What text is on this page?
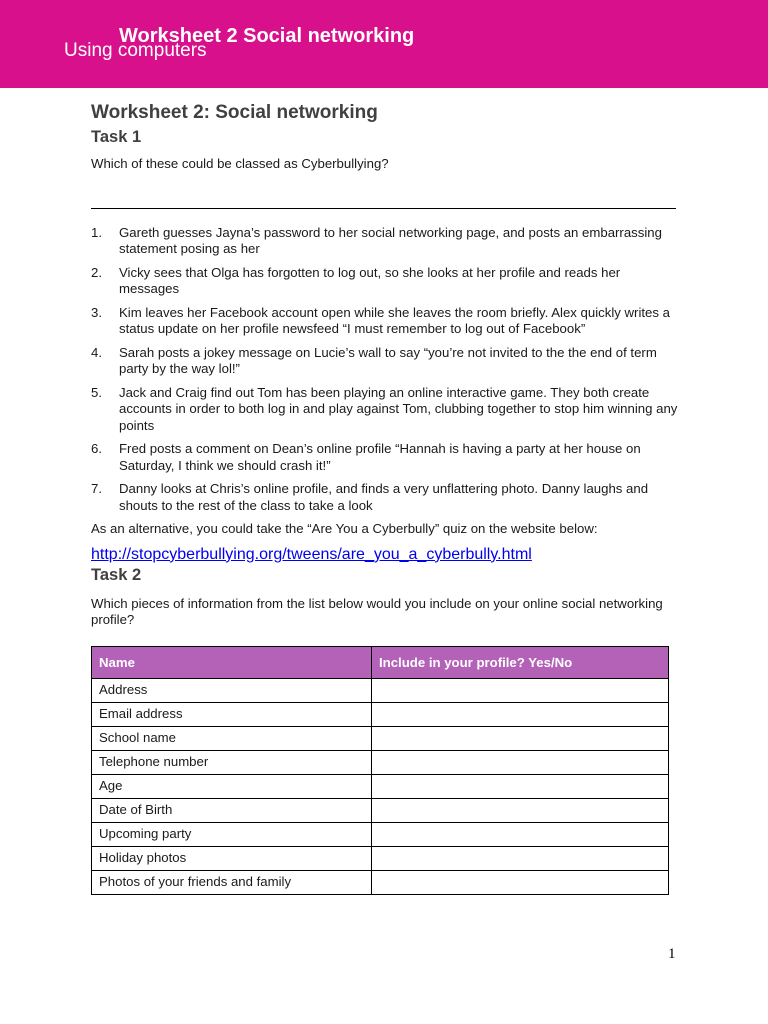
Worksheet 2 Social networking
Using computers
Worksheet 2: Social networking
Task 1

Which of these could be classed as Cyberbullying?

1. Gareth guesses Jayna’s password to her social networking page, and posts an embarrassing statement posing as her
2. Vicky sees that Olga has forgotten to log out, so she looks at her profile and reads her messages
3. Kim leaves her Facebook account open while she leaves the room briefly. Alex quickly writes a status update on her profile newsfeed “I must remember to log out of Facebook”
4. Sarah posts a jokey message on Lucie’s wall to say “you’re not invited to the the end of term party by the way lol!”
5. Jack and Craig find out Tom has been playing an online interactive game. They both create accounts in order to both log in and play against Tom, clubbing together to stop him winning any points
6. Fred posts a comment on Dean’s online profile “Hannah is having a party at her house on Saturday, I think we should crash it!”
7. Danny looks at Chris’s online profile, and finds a very unflattering photo. Danny laughs and shouts to the rest of the class to take a look

As an alternative, you could take the “Are You a Cyberbully” quiz on the website below:

http://stopcyberbullying.org/tweens/are_you_a_cyberbully.html
Task 2

Which pieces of information from the list below would you include on your online social networking profile?

Name	Include in your profile? Yes/No
Address	
Email address	
School name	
Telephone number	
Age	
Date of Birth	
Upcoming party	
Holiday photos	
Photos of your friends and family	
1
